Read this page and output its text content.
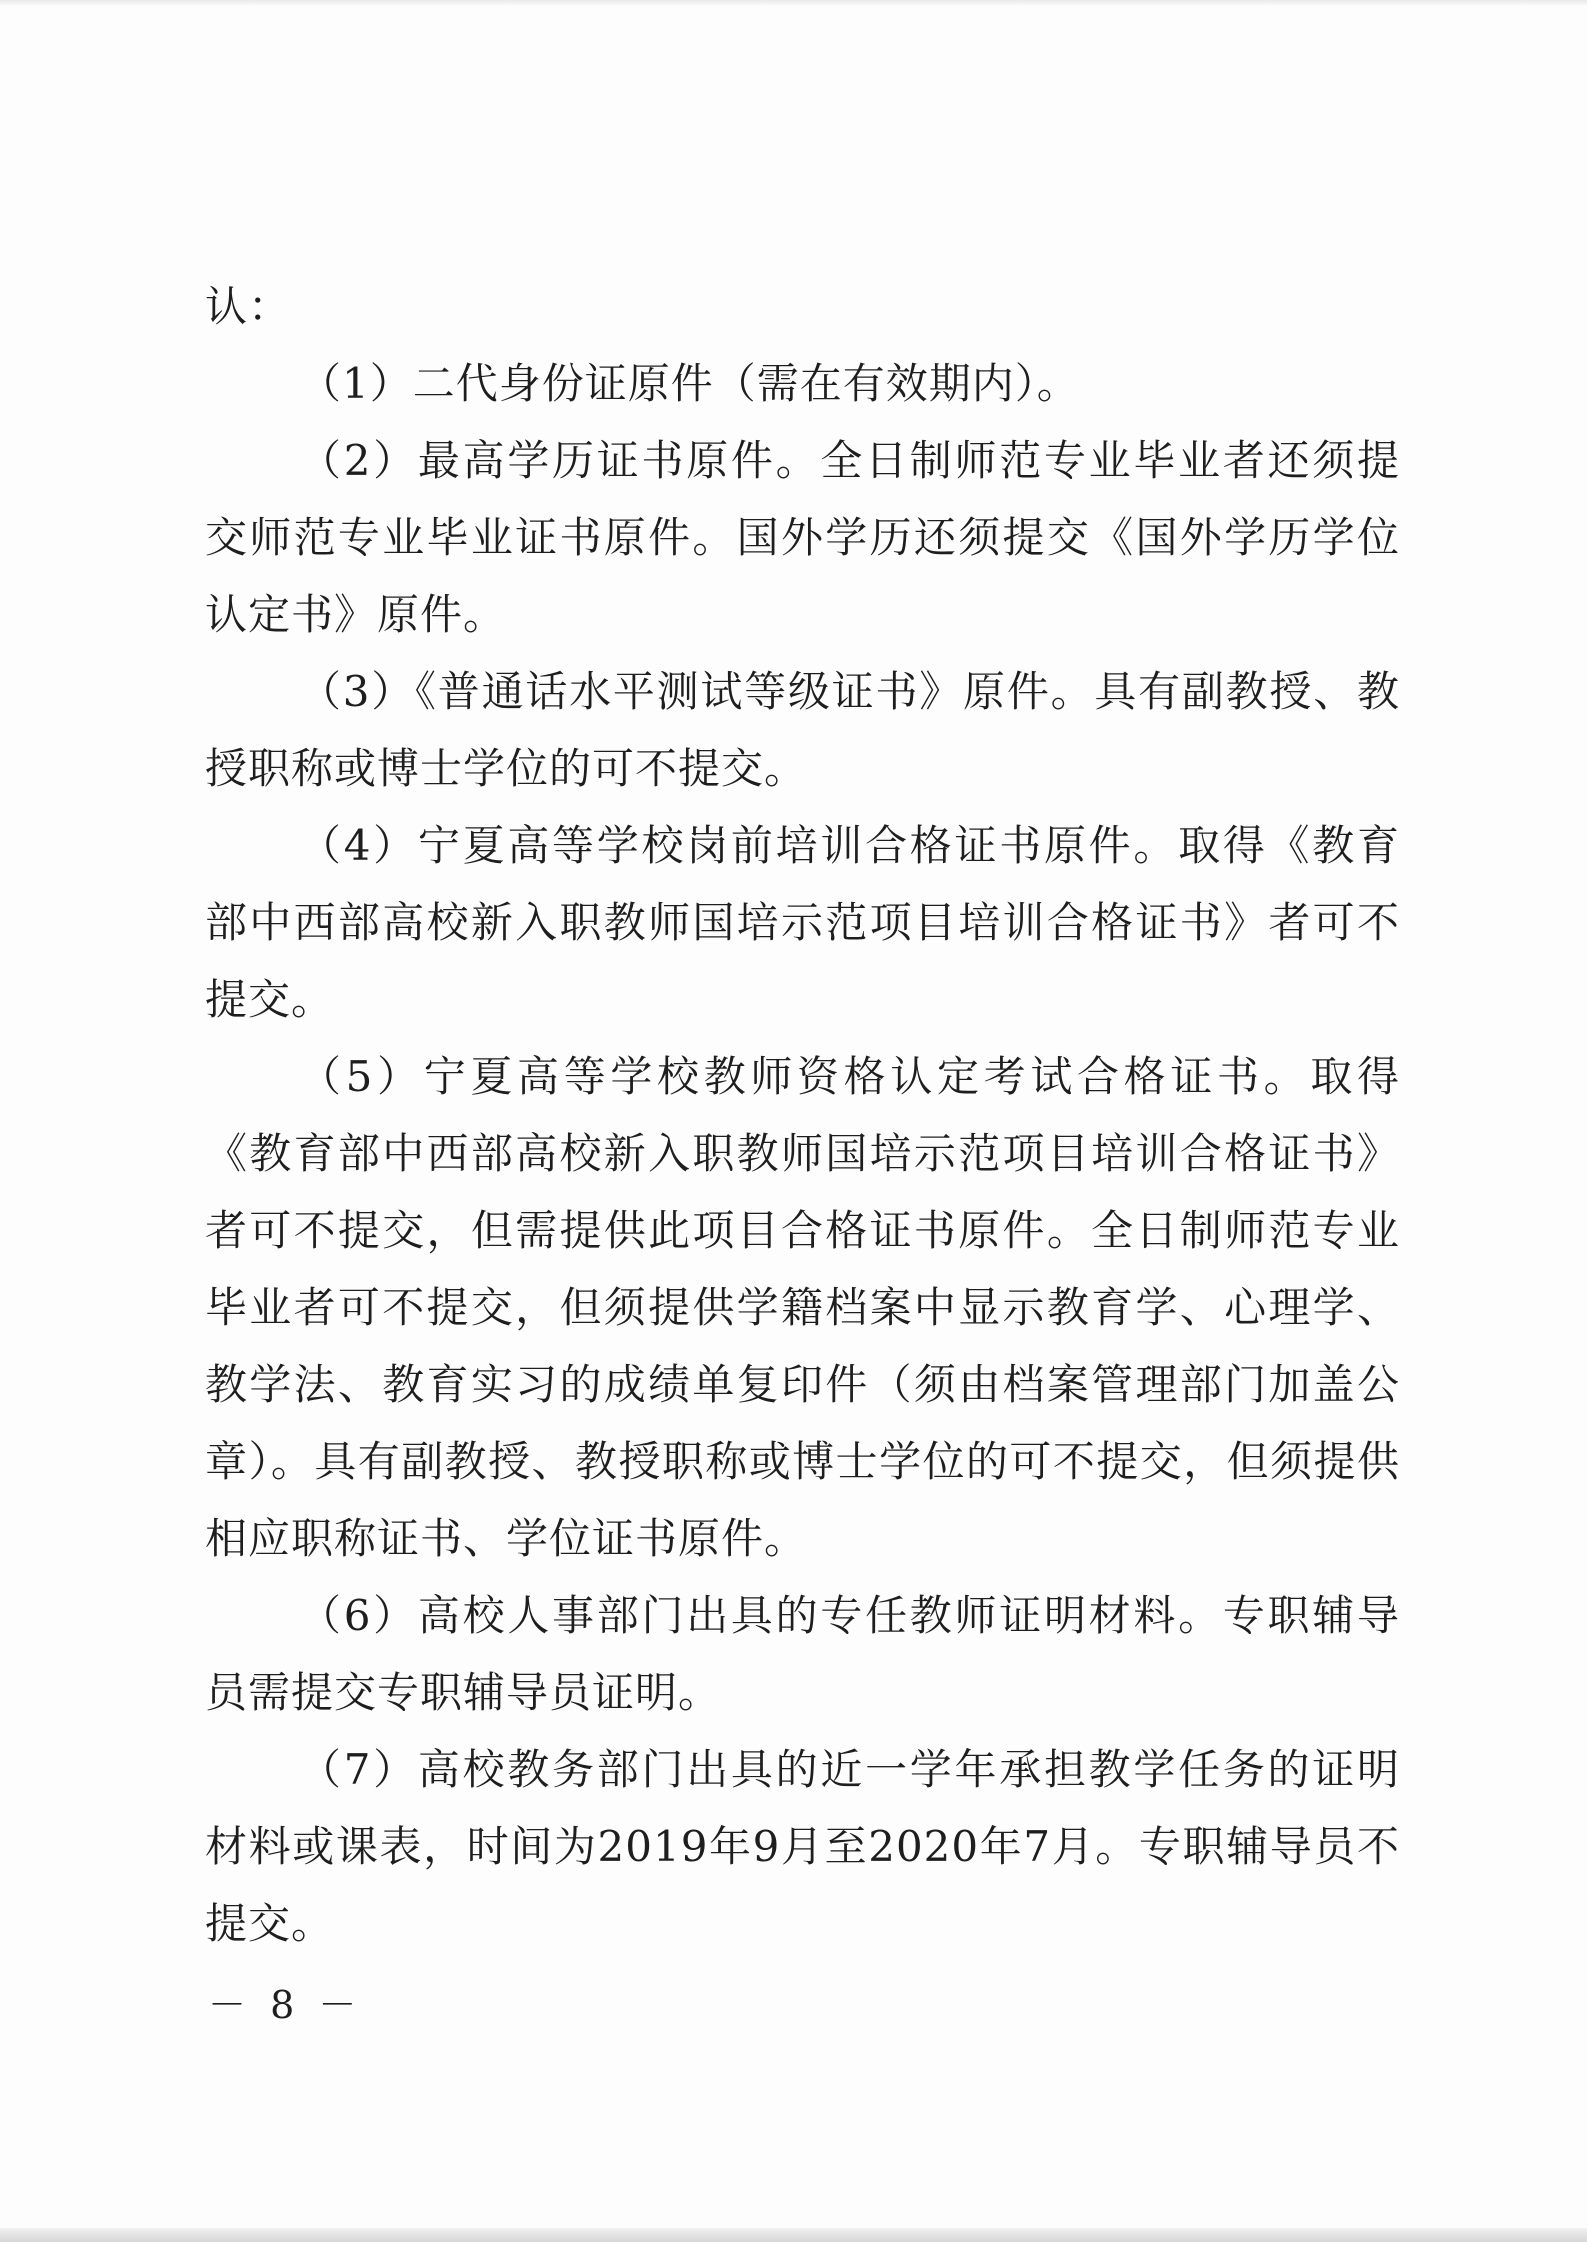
认：

（1）二代身份证原件（需在有效期内）。

（2）最高学历证书原件。全日制师范专业毕业者还须提交师范专业毕业证书原件。国外学历还须提交《国外学历学位认定书》原件。

（3）《普通话水平测试等级证书》原件。具有副教授、教授职称或博士学位的可不提交。

（4）宁夏高等学校岗前培训合格证书原件。取得《教育部中西部高校新入职教师国培示范项目培训合格证书》者可不提交。

（5）宁夏高等学校教师资格认定考试合格证书。取得《教育部中西部高校新入职教师国培示范项目培训合格证书》者可不提交，但需提供此项目合格证书原件。全日制师范专业毕业者可不提交，但须提供学籍档案中显示教育学、心理学、教学法、教育实习的成绩单复印件（须由档案管理部门加盖公章）。具有副教授、教授职称或博士学位的可不提交，但须提供相应职称证书、学位证书原件。

（6）高校人事部门出具的专任教师证明材料。专职辅导员需提交专职辅导员证明。

（7）高校教务部门出具的近一学年承担教学任务的证明材料或课表，时间为2019年9月至2020年7月。专职辅导员不提交。

－ 8 －
